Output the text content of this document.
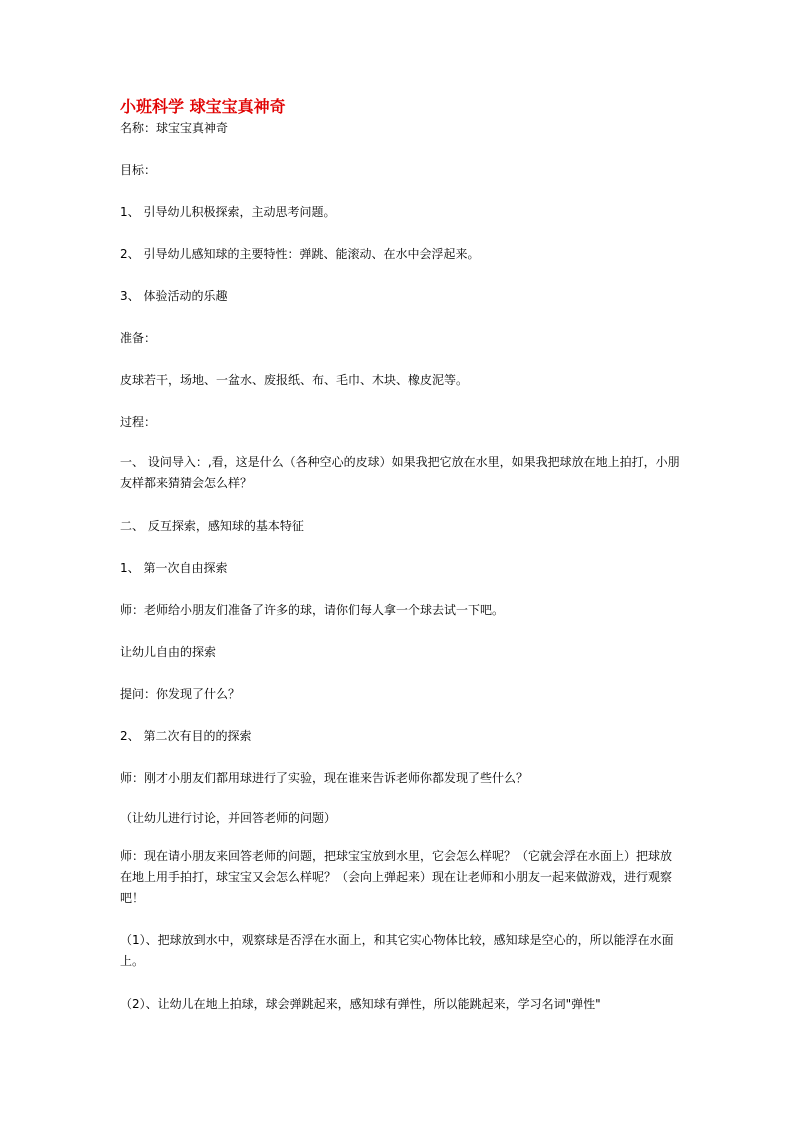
小班科学 球宝宝真神奇
名称：球宝宝真神奇
目标：
1、 引导幼儿积极探索，主动思考问题。
2、 引导幼儿感知球的主要特性：弹跳、能滚动、在水中会浮起来。
3、 体验活动的乐趣
准备：
皮球若干，场地、一盆水、废报纸、布、毛巾、木块、橡皮泥等。
过程：
一、 设问导入：,看，这是什么（各种空心的皮球）如果我把它放在水里，如果我把球放在地上拍打，小朋友样都来猜猜会怎么样？
二、 反互探索，感知球的基本特征
1、 第一次自由探索
师：老师给小朋友们准备了许多的球，请你们每人拿一个球去试一下吧。
让幼儿自由的探索
提问：你发现了什么？
2、 第二次有目的的探索
师：刚才小朋友们都用球进行了实验，现在谁来告诉老师你都发现了些什么？
（让幼儿进行讨论，并回答老师的问题）
师：现在请小朋友来回答老师的问题，把球宝宝放到水里，它会怎么样呢？（它就会浮在水面上）把球放在地上用手拍打，球宝宝又会怎么样呢？（会向上弹起来）现在让老师和小朋友一起来做游戏，进行观察吧！
（1）、把球放到水中，观察球是否浮在水面上，和其它实心物体比较，感知球是空心的，所以能浮在水面上。
（2）、让幼儿在地上拍球，球会弹跳起来，感知球有弹性，所以能跳起来，学习名词"弹性"
